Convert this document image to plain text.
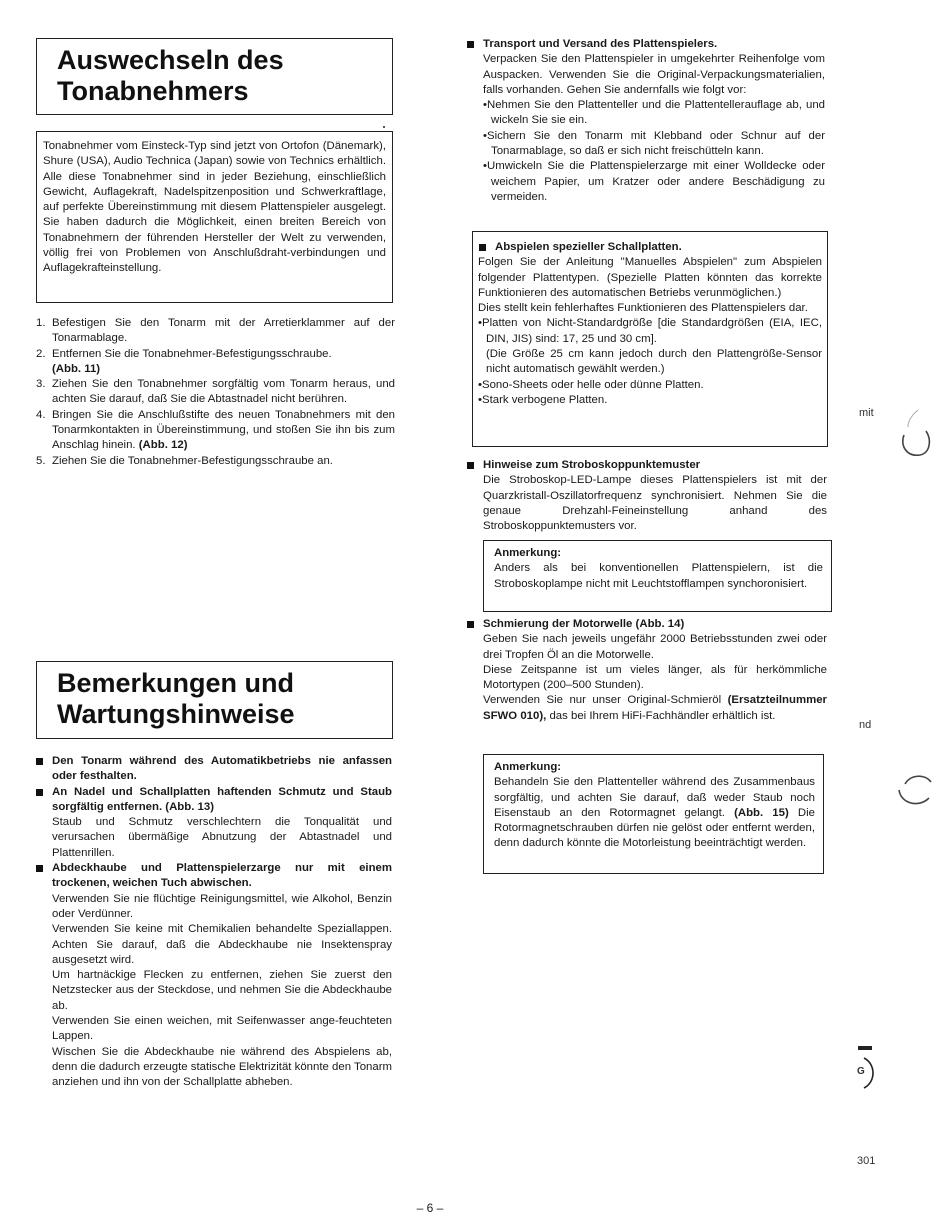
Auswechseln des
Tonabnehmers
Tonabnehmer vom Einsteck-Typ sind jetzt von Ortofon (Dänemark), Shure (USA), Audio Technica (Japan) sowie von Technics erhältlich. Alle diese Tonabnehmer sind in jeder Beziehung, einschließlich Gewicht, Auflagekraft, Nadelspitzenposition und Schwerkraftlage, auf perfekte Übereinstimmung mit diesem Plattenspieler ausgelegt. Sie haben dadurch die Möglichkeit, einen breiten Bereich von Tonabnehmern der führenden Hersteller der Welt zu verwenden, völlig frei von Problemen von Anschlußdraht-verbindungen und Auflagekrafteinstellung.
1. Befestigen Sie den Tonarm mit der Arretierklammer auf der Tonarmablage.
2. Entfernen Sie die Tonabnehmer-Befestigungsschraube.
(Abb. 11)
3. Ziehen Sie den Tonabnehmer sorgfältig vom Tonarm heraus, und achten Sie darauf, daß Sie die Abtastnadel nicht berühren.
4. Bringen Sie die Anschlußstifte des neuen Tonabnehmers mit den Tonarmkontakten in Übereinstimmung, und stoßen Sie ihn bis zum Anschlag hinein. (Abb. 12)
5. Ziehen Sie die Tonabnehmer-Befestigungsschraube an.
Bemerkungen und
Wartungshinweise
Den Tonarm während des Automatikbetriebs nie anfassen oder festhalten.
An Nadel und Schallplatten haftenden Schmutz und Staub sorgfältig entfernen. (Abb. 13)
Staub und Schmutz verschlechtern die Tonqualität und verursachen übermäßige Abnutzung der Abtastnadel und Plattenrillen.
Abdeckhaube und Plattenspielerzarge nur mit einem trockenen, weichen Tuch abwischen.
Verwenden Sie nie flüchtige Reinigungsmittel, wie Alkohol, Benzin oder Verdünner.
Verwenden Sie keine mit Chemikalien behandelte Speziallappen. Achten Sie darauf, daß die Abdeckhaube nie Insektenspray ausgesetzt wird.
Um hartnäckige Flecken zu entfernen, ziehen Sie zuerst den Netzstecker aus der Steckdose, und nehmen Sie die Abdeckhaube ab.
Verwenden Sie einen weichen, mit Seifenwasser ange-feuchteten Lappen.
Wischen Sie die Abdeckhaube nie während des Abspielens ab, denn die dadurch erzeugte statische Elektrizität könnte den Tonarm anziehen und ihn von der Schallplatte abheben.
Transport und Versand des Plattenspielers.
Verpacken Sie den Plattenspieler in umgekehrter Reihenfolge vom Auspacken. Verwenden Sie die Original-Verpackungsmaterialien, falls vorhanden. Gehen Sie andernfalls wie folgt vor:
•Nehmen Sie den Plattenteller und die Plattentellerauflage ab, und wickeln Sie sie ein.
•Sichern Sie den Tonarm mit Klebband oder Schnur auf der Tonarmablage, so daß er sich nicht freischütteln kann.
•Umwickeln Sie die Plattenspielerzarge mit einer Wolldecke oder weichem Papier, um Kratzer oder andere Beschädigung zu vermeiden.
Abspielen spezieller Schallplatten.
Folgen Sie der Anleitung "Manuelles Abspielen" zum Abspielen folgender Plattentypen. (Spezielle Platten könnten das korrekte Funktionieren des automatischen Betriebs verunmöglichen.)
Dies stellt kein fehlerhaftes Funktionieren des Plattenspielers dar.
•Platten von Nicht-Standardgröße [die Standardgrößen (EIA, IEC, DIN, JIS) sind: 17, 25 und 30 cm].
(Die Größe 25 cm kann jedoch durch den Plattengröße-Sensor nicht automatisch gewählt werden.)
•Sono-Sheets oder helle oder dünne Platten.
•Stark verbogene Platten.
Hinweise zum Stroboskoppunktemuster
Die Stroboskop-LED-Lampe dieses Plattenspielers ist mit der Quarzkristall-Oszillatorfrequenz synchronisiert. Nehmen Sie die genaue Drehzahl-Feineinstellung anhand des Stroboskoppunktemusters vor.
Anmerkung:
Anders als bei konventionellen Plattenspielern, ist die Stroboskoplampe nicht mit Leuchtstofflampen synchoronisiert.
Schmierung der Motorwelle (Abb. 14)
Geben Sie nach jeweils ungefähr 2000 Betriebsstunden zwei oder drei Tropfen Öl an die Motorwelle.
Diese Zeitspanne ist um vieles länger, als für herkömmliche Motortypen (200–500 Stunden).
Verwenden Sie nur unser Original-Schmieröl (Ersatzteilnummer SFWO 010), das bei Ihrem HiFi-Fachhändler erhältlich ist.
Anmerkung:
Behandeln Sie den Plattenteller während des Zusammenbaus sorgfältig, und achten Sie darauf, daß weder Staub noch Eisenstaub an den Rotormagnet gelangt. (Abb. 15) Die Rotormagnetschrauben dürfen nie gelöst oder entfernt werden, denn dadurch könnte die Motorleistung beeinträchtigt werden.
mit
nd
G
301
– 6 –
